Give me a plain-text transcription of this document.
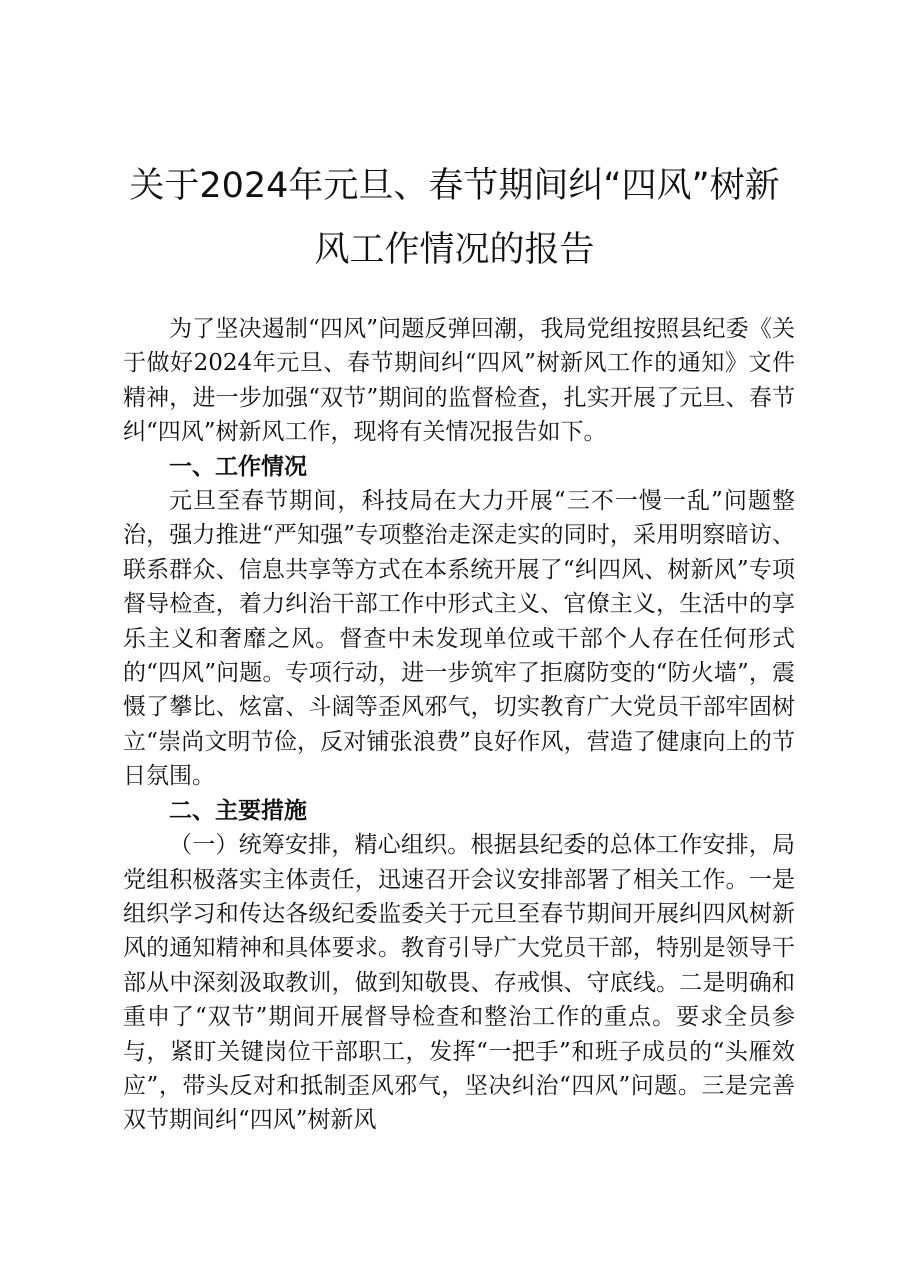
关于2024年元旦、春节期间纠“四风”树新
风工作情况的报告

为了坚决遏制“四风”问题反弹回潮，我局党组按照县纪委《关于做好2024年元旦、春节期间纠“四风”树新风工作的通知》文件精神，进一步加强“双节”期间的监督检查，扎实开展了元旦、春节纠“四风”树新风工作，现将有关情况报告如下。

一、工作情况

元旦至春节期间，科技局在大力开展“三不一慢一乱”问题整治，强力推进“严知强”专项整治走深走实的同时，采用明察暗访、联系群众、信息共享等方式在本系统开展了“纠四风、树新风”专项督导检查，着力纠治干部工作中形式主义、官僚主义，生活中的享乐主义和奢靡之风。督查中未发现单位或干部个人存在任何形式的“四风”问题。专项行动，进一步筑牢了拒腐防变的“防火墙”，震慑了攀比、炫富、斗阔等歪风邪气，切实教育广大党员干部牢固树立“崇尚文明节俭，反对铺张浪费”良好作风，营造了健康向上的节日氛围。

二、主要措施

（一）统筹安排，精心组织。根据县纪委的总体工作安排，局党组积极落实主体责任，迅速召开会议安排部署了相关工作。一是组织学习和传达各级纪委监委关于元旦至春节期间开展纠四风树新风的通知精神和具体要求。教育引导广大党员干部，特别是领导干部从中深刻汲取教训，做到知敬畏、存戒惧、守底线。二是明确和重申了“双节”期间开展督导检查和整治工作的重点。要求全员参与，紧盯关键岗位干部职工，发挥“一把手”和班子成员的“头雁效应”，带头反对和抵制歪风邪气，坚决纠治“四风”问题。三是完善双节期间纠“四风”树新风
